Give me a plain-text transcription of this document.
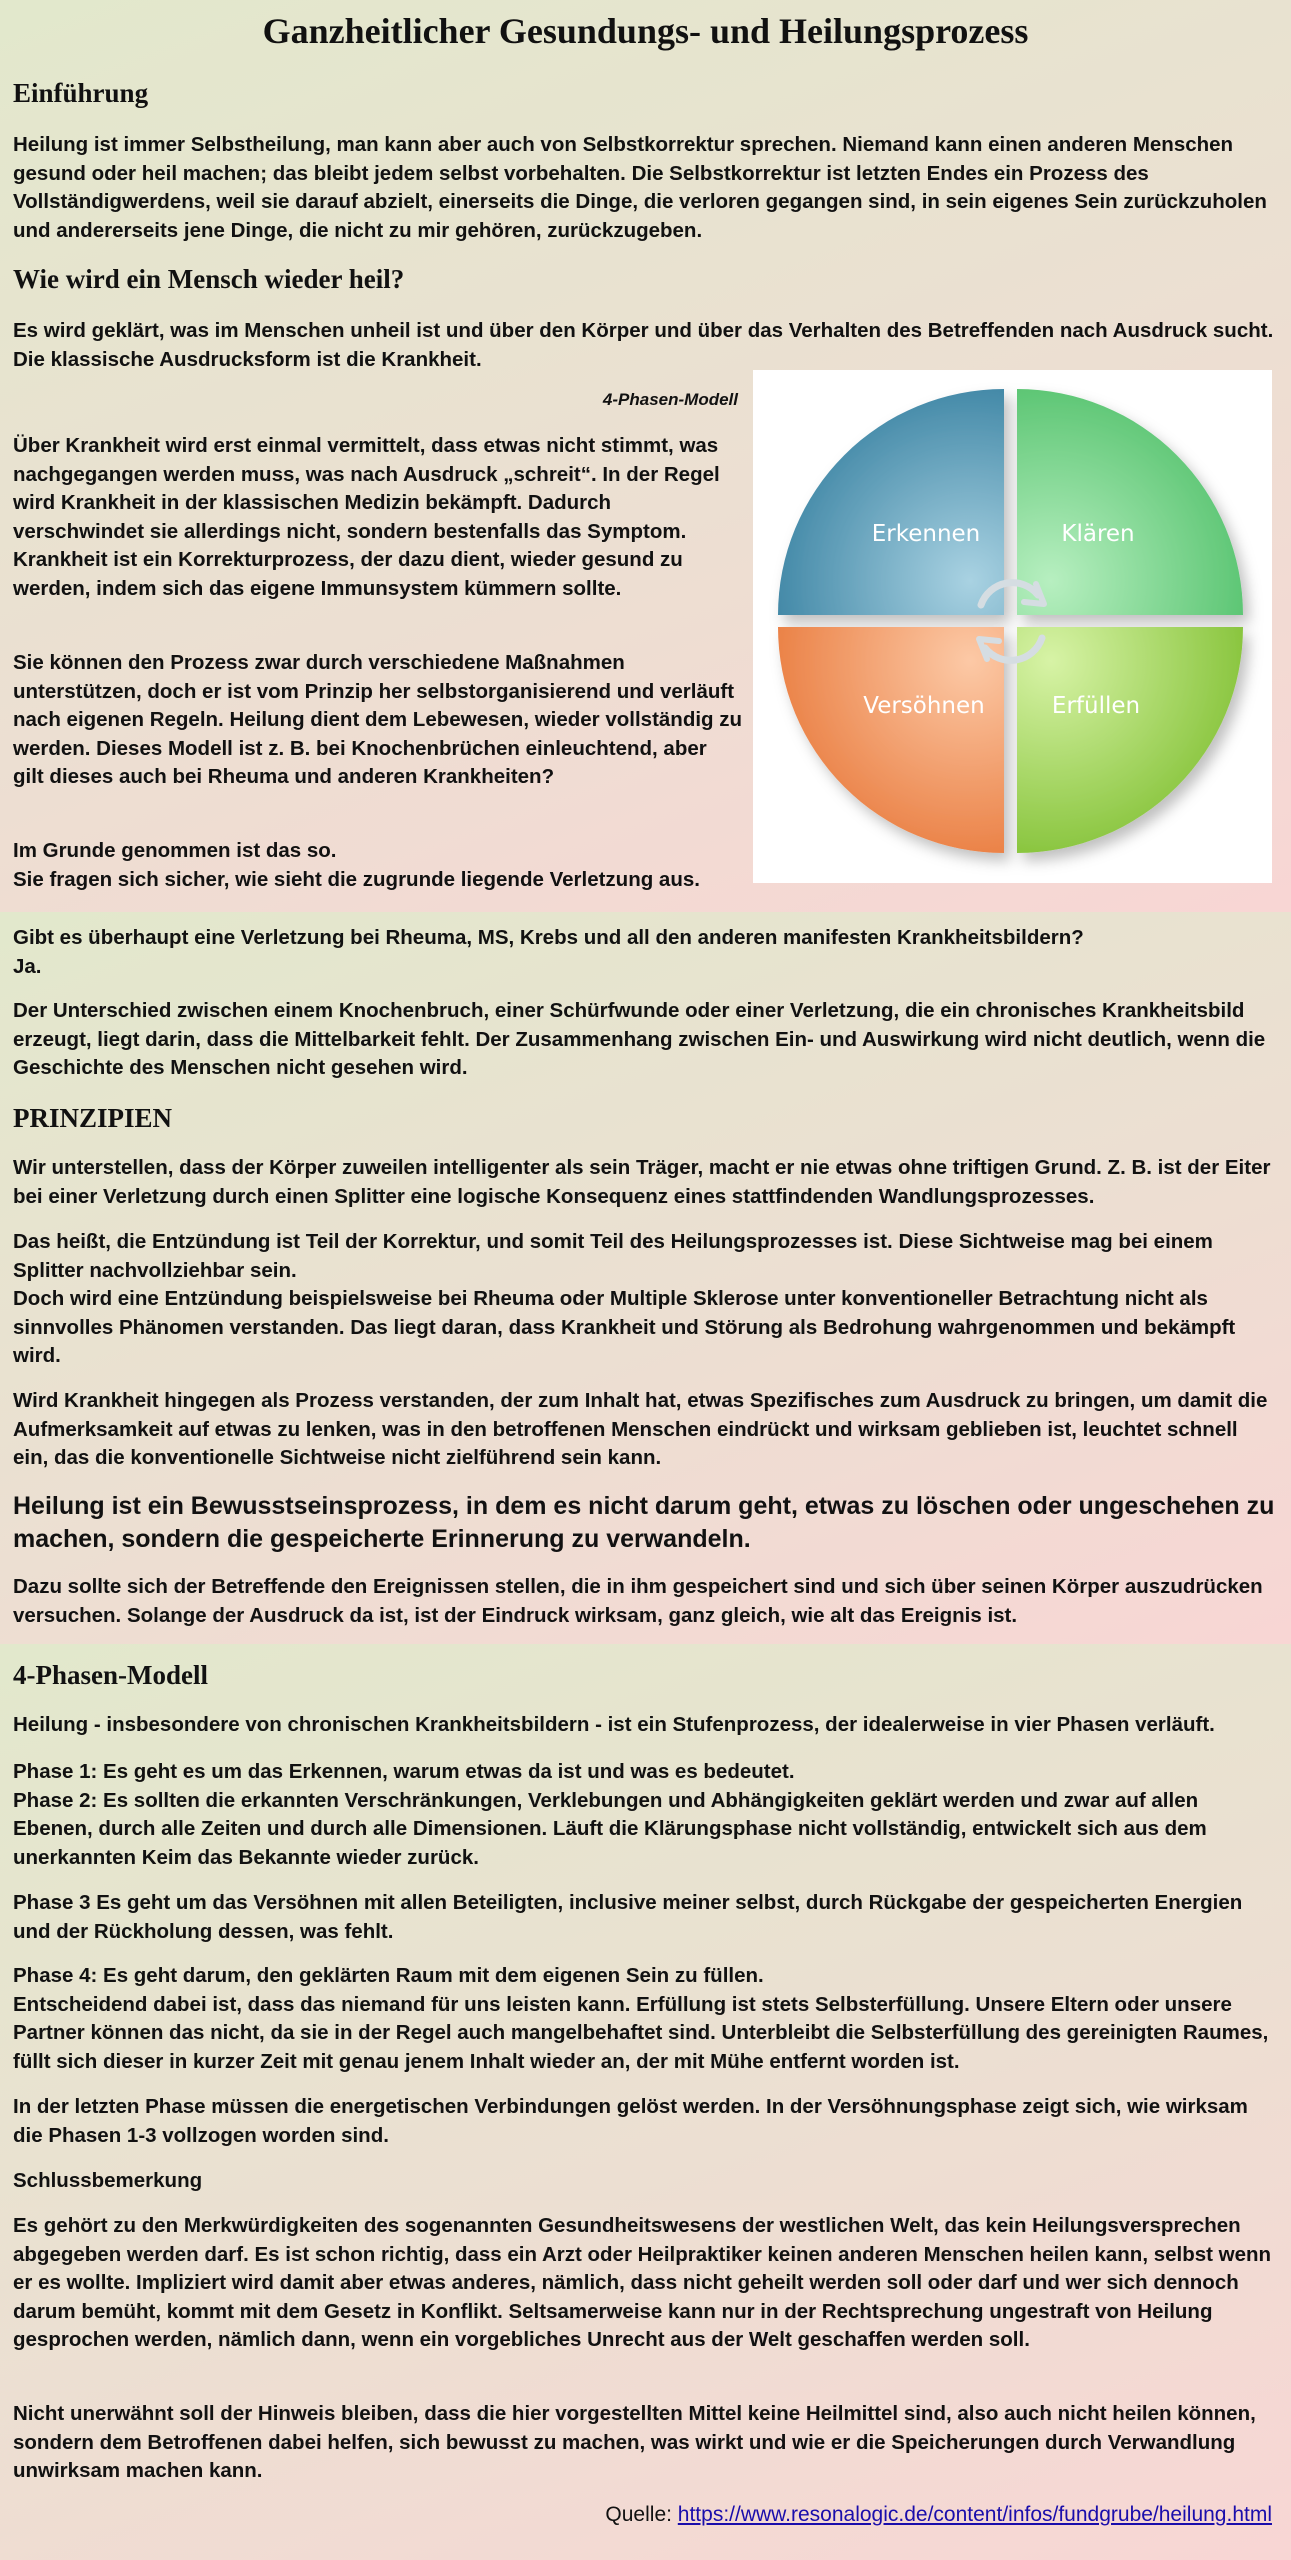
Ganzheitlicher Gesundungs- und Heilungsprozess
Einführung

Heilung ist immer Selbstheilung, man kann aber auch von Selbstkorrektur sprechen. Niemand kann einen anderen Menschen gesund oder heil machen; das bleibt jedem selbst vorbehalten. Die Selbstkorrektur ist letzten Endes ein Prozess des Vollständigwerdens, weil sie darauf abzielt, einerseits die Dinge, die verloren gegangen sind, in sein eigenes Sein zurückzuholen und andererseits jene Dinge, die nicht zu mir gehören, zurückzugeben.

Wie wird ein Mensch wieder heil?

Es wird geklärt, was im Menschen unheil ist und über den Körper und über das Verhalten des Betreffenden nach Ausdruck sucht. Die klassische Ausdrucksform ist die Krankheit.

4-Phasen-Modell

Über Krankheit wird erst einmal vermittelt, dass etwas nicht stimmt, was nachgegangen werden muss, was nach Ausdruck „schreit“. In der Regel wird Krankheit in der klassischen Medizin bekämpft. Dadurch verschwindet sie allerdings nicht, sondern bestenfalls das Symptom. Krankheit ist ein Korrekturprozess, der dazu dient, wieder gesund zu werden, indem sich das eigene Immunsystem kümmern sollte.

Sie können den Prozess zwar durch verschiedene Maßnahmen unterstützen, doch er ist vom Prinzip her selbstorganisierend und verläuft nach eigenen Regeln. Heilung dient dem Lebewesen, wieder vollständig zu werden. Dieses Modell ist z. B. bei Knochenbrüchen einleuchtend, aber gilt dieses auch bei Rheuma und anderen Krankheiten?

Im Grunde genommen ist das so.
Sie fragen sich sicher, wie sieht die zugrunde liegende Verletzung aus.

Erkennen	Klären
Versöhnen	Erfüllen

Gibt es überhaupt eine Verletzung bei Rheuma, MS, Krebs und all den anderen manifesten Krankheitsbildern?
Ja.

Der Unterschied zwischen einem Knochenbruch, einer Schürfwunde oder einer Verletzung, die ein chronisches Krankheitsbild erzeugt, liegt darin, dass die Mittelbarkeit fehlt. Der Zusammenhang zwischen Ein- und Auswirkung wird nicht deutlich, wenn die Geschichte des Menschen nicht gesehen wird.

PRINZIPIEN

Wir unterstellen, dass der Körper zuweilen intelligenter als sein Träger, macht er nie etwas ohne triftigen Grund. Z. B. ist der Eiter bei einer Verletzung durch einen Splitter eine logische Konsequenz eines stattfindenden Wandlungsprozesses.

Das heißt, die Entzündung ist Teil der Korrektur, und somit Teil des Heilungsprozesses ist. Diese Sichtweise mag bei einem Splitter nachvollziehbar sein.
Doch wird eine Entzündung beispielsweise bei Rheuma oder Multiple Sklerose unter konventioneller Betrachtung nicht als sinnvolles Phänomen verstanden. Das liegt daran, dass Krankheit und Störung als Bedrohung wahrgenommen und bekämpft wird.

Wird Krankheit hingegen als Prozess verstanden, der zum Inhalt hat, etwas Spezifisches zum Ausdruck zu bringen, um damit die Aufmerksamkeit auf etwas zu lenken, was in den betroffenen Menschen eindrückt und wirksam geblieben ist, leuchtet schnell ein, das die konventionelle Sichtweise nicht zielführend sein kann.

Heilung ist ein Bewusstseinsprozess, in dem es nicht darum geht, etwas zu löschen oder ungeschehen zu machen, sondern die gespeicherte Erinnerung zu verwandeln.

Dazu sollte sich der Betreffende den Ereignissen stellen, die in ihm gespeichert sind und sich über seinen Körper auszudrücken versuchen. Solange der Ausdruck da ist, ist der Eindruck wirksam, ganz gleich, wie alt das Ereignis ist.

4-Phasen-Modell

Heilung - insbesondere von chronischen Krankheitsbildern - ist ein Stufenprozess, der idealerweise in vier Phasen verläuft.

Phase 1: Es geht es um das Erkennen, warum etwas da ist und was es bedeutet.
Phase 2: Es sollten die erkannten Verschränkungen, Verklebungen und Abhängigkeiten geklärt werden und zwar auf allen Ebenen, durch alle Zeiten und durch alle Dimensionen. Läuft die Klärungsphase nicht vollständig, entwickelt sich aus dem unerkannten Keim das Bekannte wieder zurück.

Phase 3 Es geht um das Versöhnen mit allen Beteiligten, inclusive meiner selbst, durch Rückgabe der gespeicherten Energien und der Rückholung dessen, was fehlt.

Phase 4: Es geht darum, den geklärten Raum mit dem eigenen Sein zu füllen.
Entscheidend dabei ist, dass das niemand für uns leisten kann. Erfüllung ist stets Selbsterfüllung. Unsere Eltern oder unsere Partner können das nicht, da sie in der Regel auch mangelbehaftet sind. Unterbleibt die Selbsterfüllung des gereinigten Raumes, füllt sich dieser in kurzer Zeit mit genau jenem Inhalt wieder an, der mit Mühe entfernt worden ist.

In der letzten Phase müssen die energetischen Verbindungen gelöst werden. In der Versöhnungsphase zeigt sich, wie wirksam die Phasen 1-3 vollzogen worden sind.

Schlussbemerkung

Es gehört zu den Merkwürdigkeiten des sogenannten Gesundheitswesens der westlichen Welt, das kein Heilungsversprechen abgegeben werden darf. Es ist schon richtig, dass ein Arzt oder Heilpraktiker keinen anderen Menschen heilen kann, selbst wenn er es wollte. Impliziert wird damit aber etwas anderes, nämlich, dass nicht geheilt werden soll oder darf und wer sich dennoch darum bemüht, kommt mit dem Gesetz in Konflikt. Seltsamerweise kann nur in der Rechtsprechung ungestraft von Heilung gesprochen werden, nämlich dann, wenn ein vorgebliches Unrecht aus der Welt geschaffen werden soll.

Nicht unerwähnt soll der Hinweis bleiben, dass die hier vorgestellten Mittel keine Heilmittel sind, also auch nicht heilen können, sondern dem Betroffenen dabei helfen, sich bewusst zu machen, was wirkt und wie er die Speicherungen durch Verwandlung unwirksam machen kann.

Quelle: https://www.resonalogic.de/content/infos/fundgrube/heilung.html
